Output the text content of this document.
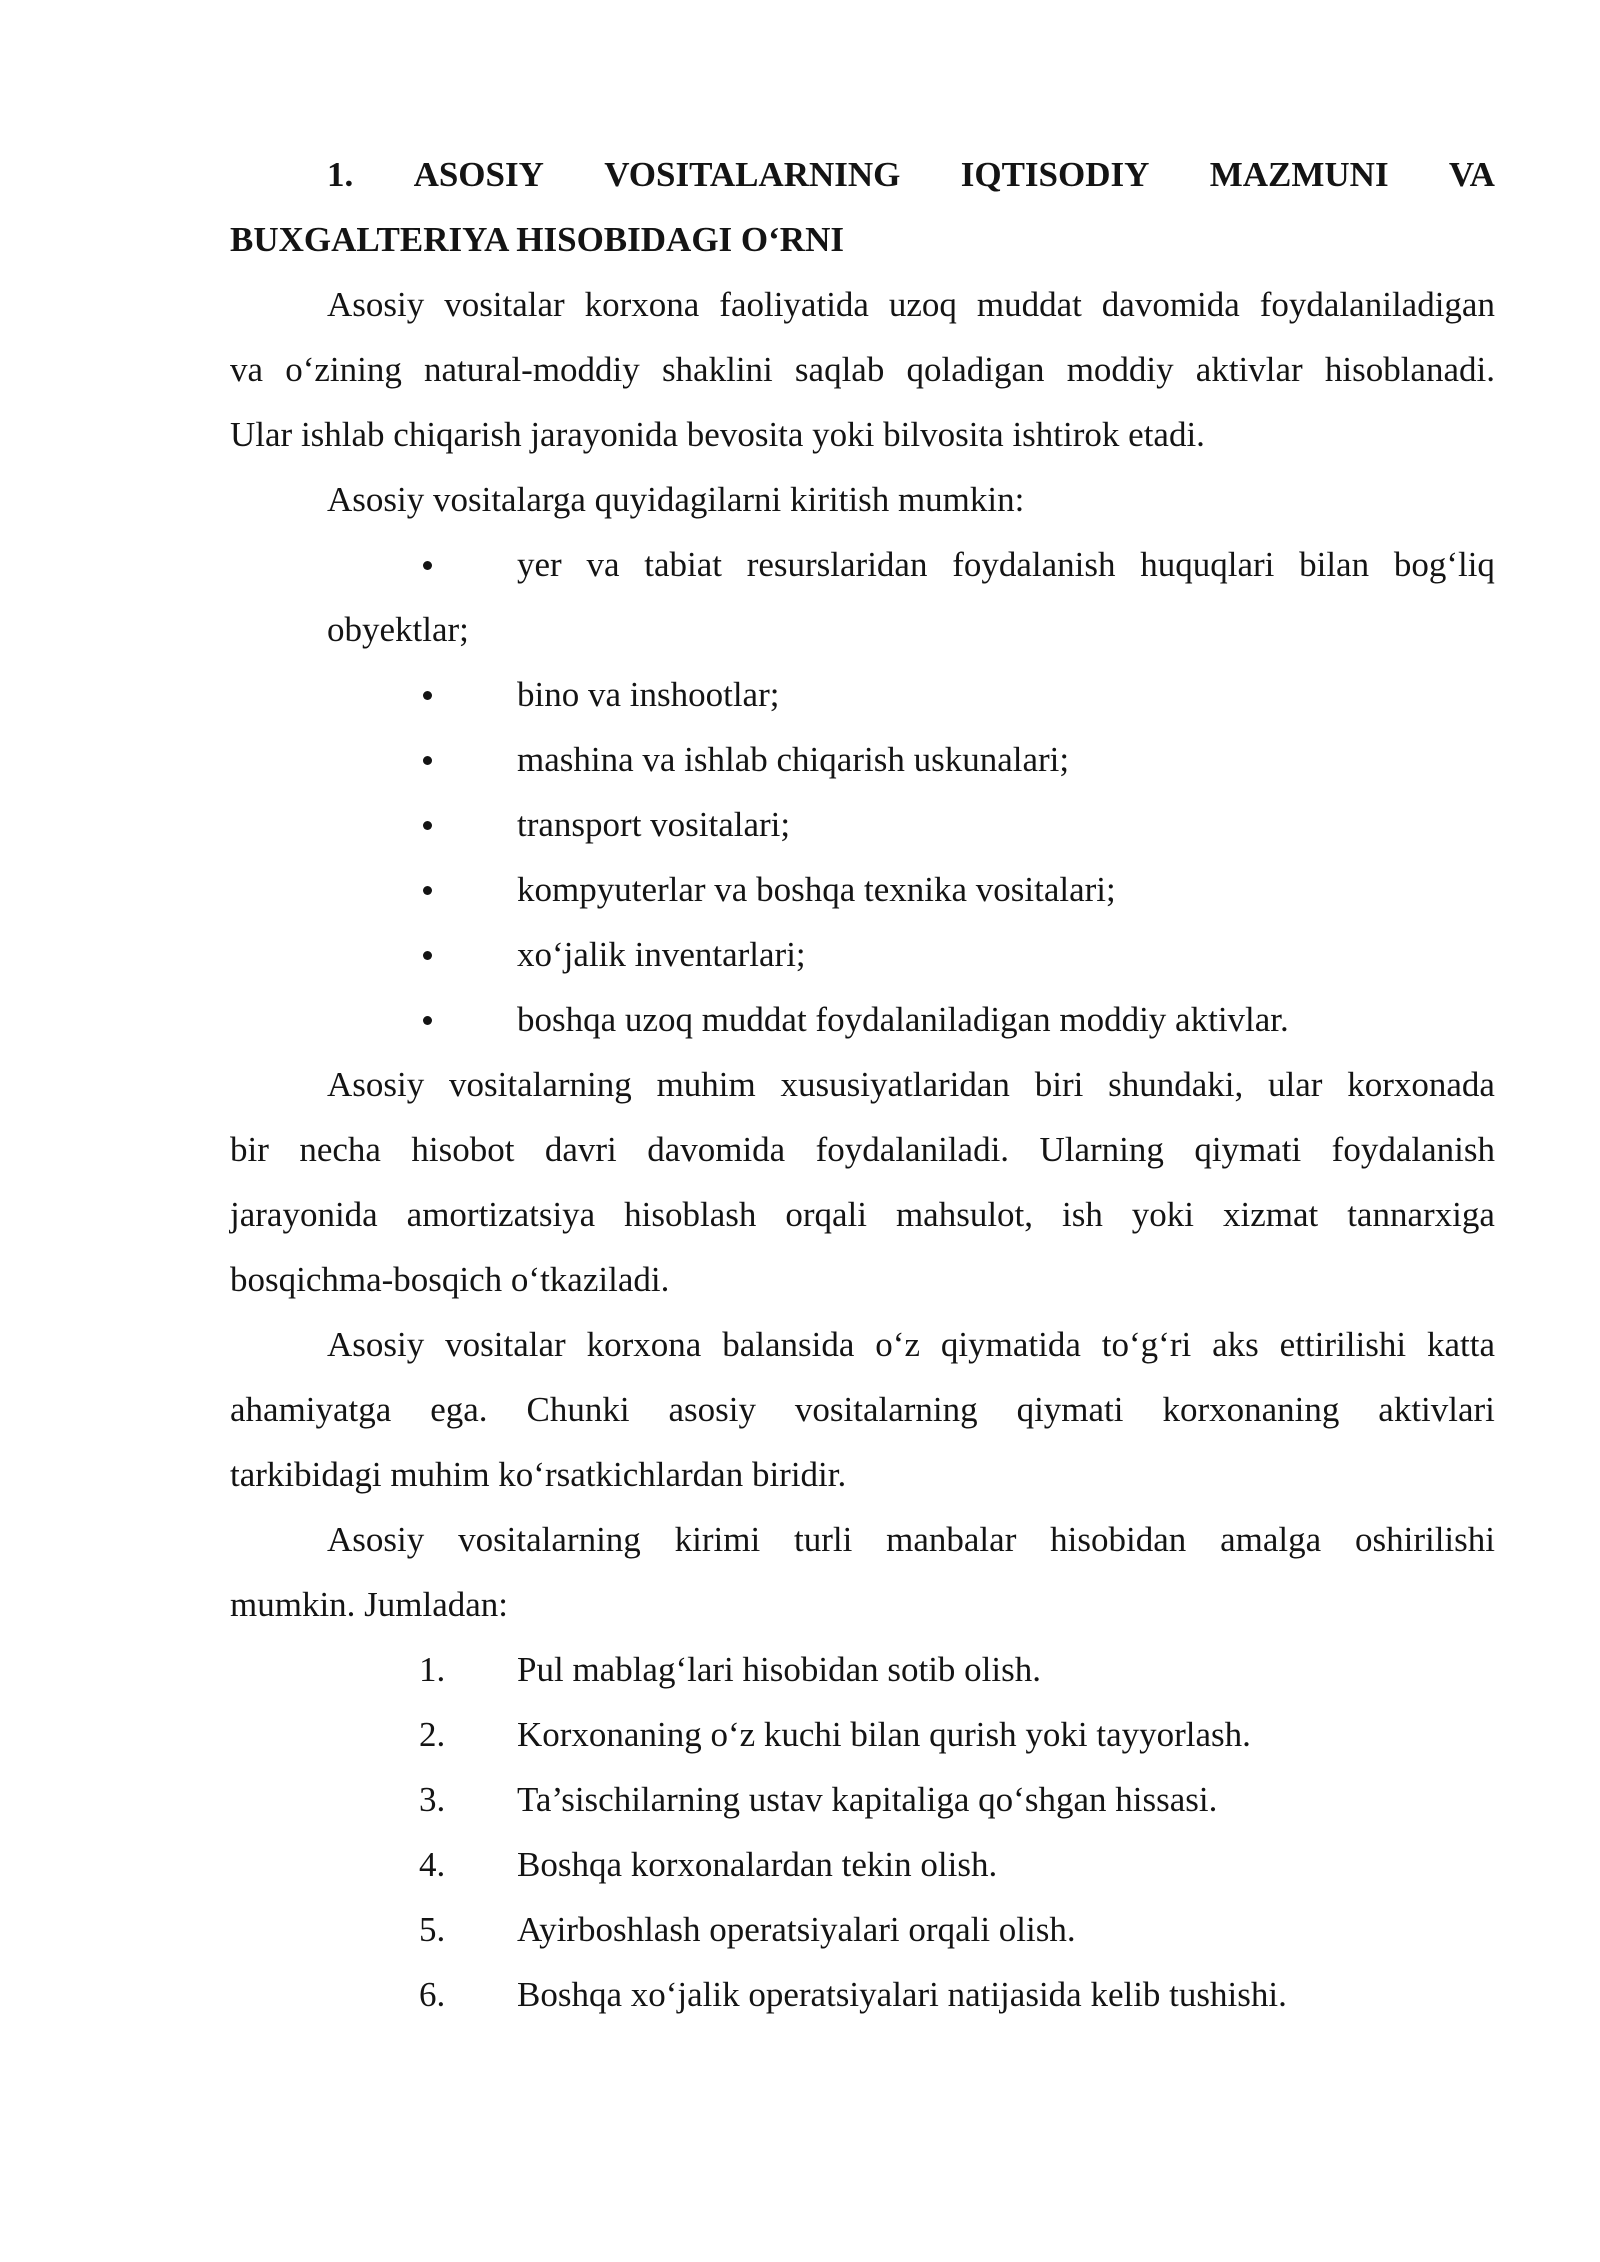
1. ASOSIY VOSITALARNING IQTISODIY MAZMUNI VA
BUXGALTERIYA HISOBIDAGI O‘RNI
Asosiy vositalar korxona faoliyatida uzoq muddat davomida foydalaniladigan
va o‘zining natural-moddiy shaklini saqlab qoladigan moddiy aktivlar hisoblanadi.
Ular ishlab chiqarish jarayonida bevosita yoki bilvosita ishtirok etadi.
Asosiy vositalarga quyidagilarni kiritish mumkin:
yer va tabiat resurslaridan foydalanish huquqlari bilan bog‘liq
obyektlar;
bino va inshootlar;
mashina va ishlab chiqarish uskunalari;
transport vositalari;
kompyuterlar va boshqa texnika vositalari;
xo‘jalik inventarlari;
boshqa uzoq muddat foydalaniladigan moddiy aktivlar.
Asosiy vositalarning muhim xususiyatlaridan biri shundaki, ular korxonada
bir necha hisobot davri davomida foydalaniladi. Ularning qiymati foydalanish
jarayonida amortizatsiya hisoblash orqali mahsulot, ish yoki xizmat tannarxiga
bosqichma-bosqich o‘tkaziladi.
Asosiy vositalar korxona balansida o‘z qiymatida to‘g‘ri aks ettirilishi katta
ahamiyatga ega. Chunki asosiy vositalarning qiymati korxonaning aktivlari
tarkibidagi muhim ko‘rsatkichlardan biridir.
Asosiy vositalarning kirimi turli manbalar hisobidan amalga oshirilishi
mumkin. Jumladan:
1.	Pul mablag‘lari hisobidan sotib olish.
2.	Korxonaning o‘z kuchi bilan qurish yoki tayyorlash.
3.	Ta’sischilarning ustav kapitaliga qo‘shgan hissasi.
4.	Boshqa korxonalardan tekin olish.
5.	Ayirboshlash operatsiyalari orqali olish.
6.	Boshqa xo‘jalik operatsiyalari natijasida kelib tushishi.
